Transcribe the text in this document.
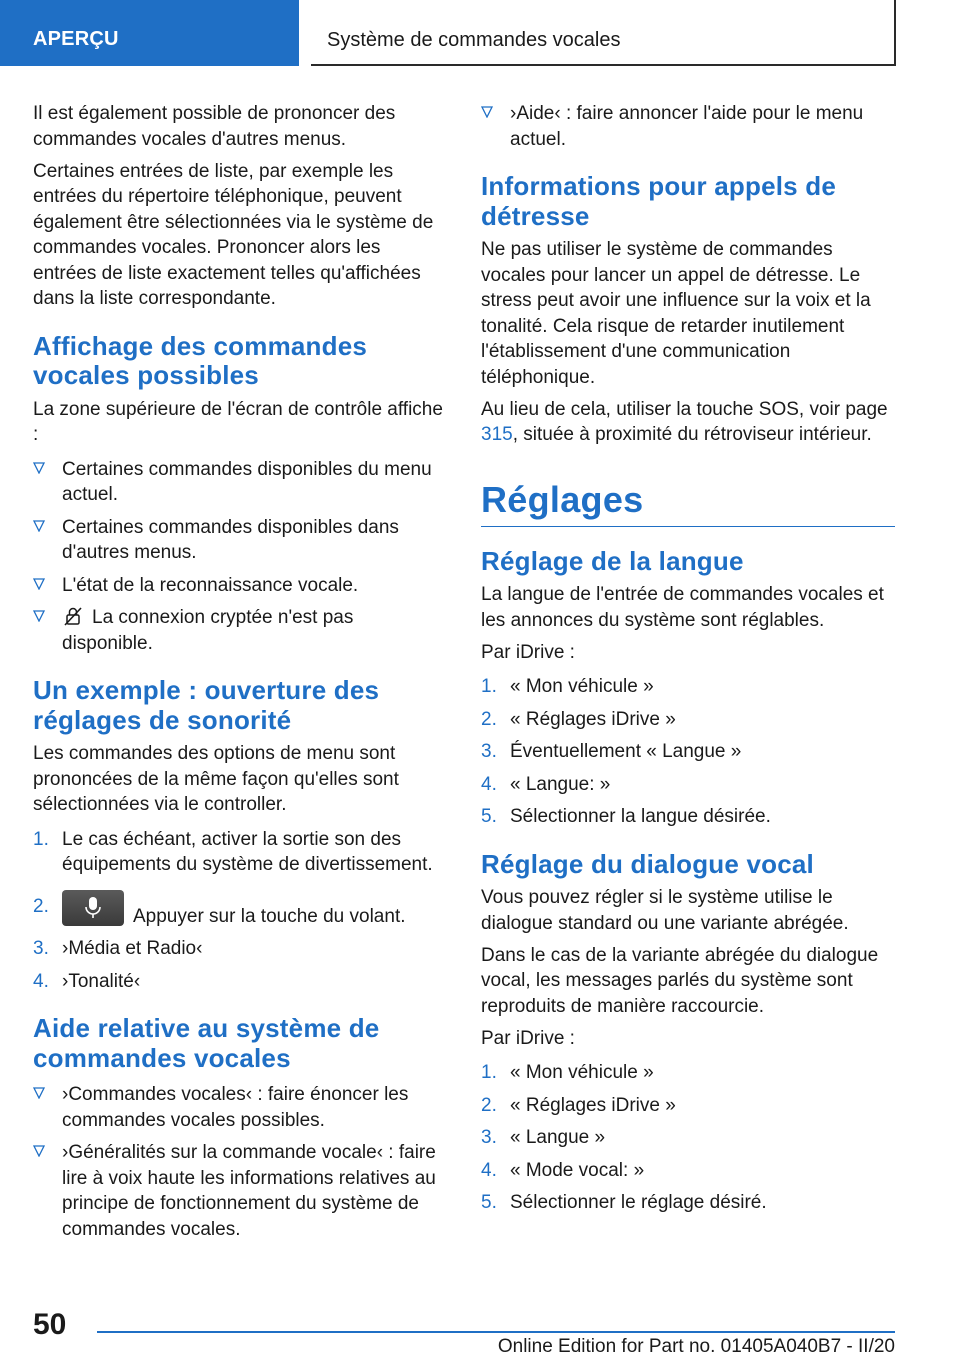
APERÇU	Système de commandes vocales

Il est également possible de prononcer des commandes vocales d'autres menus.

Certaines entrées de liste, par exemple les entrées du répertoire téléphonique, peuvent également être sélectionnées via le système de commandes vocales. Prononcer alors les entrées de liste exactement telles qu'affichées dans la liste correspondante.

Affichage des commandes vocales possibles

La zone supérieure de l'écran de contrôle affiche :

Certaines commandes disponibles du menu actuel.
Certaines commandes disponibles dans d'autres menus.
L'état de la reconnaissance vocale.
La connexion cryptée n'est pas disponible.
Un exemple : ouverture des réglages de sonorité

Les commandes des options de menu sont prononcées de la même façon qu'elles sont sélectionnées via le controller.

1. Le cas échéant, activer la sortie son des équipements du système de divertissement.
2.	Appuyer sur la touche du volant.
3. ›Média et Radio‹
4. ›Tonalité‹
Aide relative au système de commandes vocales
›Commandes vocales‹ : faire énoncer les commandes vocales possibles.
›Généralités sur la commande vocale‹ : faire lire à voix haute les informations relatives au principe de fonctionnement du système de commandes vocales.
›Aide‹ : faire annoncer l'aide pour le menu actuel.
Informations pour appels de détresse

Ne pas utiliser le système de commandes vocales pour lancer un appel de détresse. Le stress peut avoir une influence sur la voix et la tonalité. Cela risque de retarder inutilement l'établissement d'une communication téléphonique.

Au lieu de cela, utiliser la touche SOS, voir page 315, située à proximité du rétroviseur intérieur.

Réglages
Réglage de la langue

La langue de l'entrée de commandes vocales et les annonces du système sont réglables.

Par iDrive :

1. « Mon véhicule »
2. « Réglages iDrive »
3. Éventuellement « Langue »
4. « Langue: »
5. Sélectionner la langue désirée.
Réglage du dialogue vocal

Vous pouvez régler si le système utilise le dialogue standard ou une variante abrégée.

Dans le cas de la variante abrégée du dialogue vocal, les messages parlés du système sont reproduits de manière raccourcie.

Par iDrive :

1. « Mon véhicule »
2. « Réglages iDrive »
3. « Langue »
4. « Mode vocal: »
5. Sélectionner le réglage désiré.
50
Online Edition for Part no. 01405A040B7 - II/20
